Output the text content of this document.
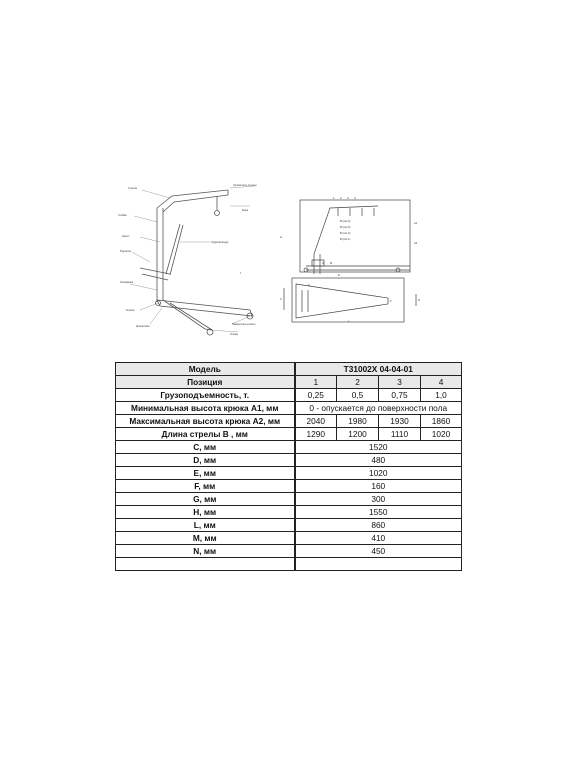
Стрела
Гидроцилиндр
Удлинитель стрелы
Крюк
Стойка
Основание
Колесо
Поворотное колесо
Опора
Рукоятка
Насос
Кронштейн
ɪ
1 2 3 4
B (поз.4)
B (поз.3)
B (поз.2)
B (поз.1)
A1
A2
H
N M
C	D
E
F
G
L
Модель	T31002X 04-04-01			
Позиция	1	2	3	4
Грузоподъемность, т.	0,25	0,5	0,75	1,0
Минимальная высота крюка A1, мм	0 - опускается до поверхности пола			
Максимальная высота крюка A2, мм	2040	1980	1930	1860
Длина стрелы B , мм	1290	1200	1110	1020
C, мм	1520			
D, мм	480			
E, мм	1020			
F, мм	160			
G, мм	300			
H, мм	1550			
L, мм	860			
M, мм	410			
N, мм	450			
